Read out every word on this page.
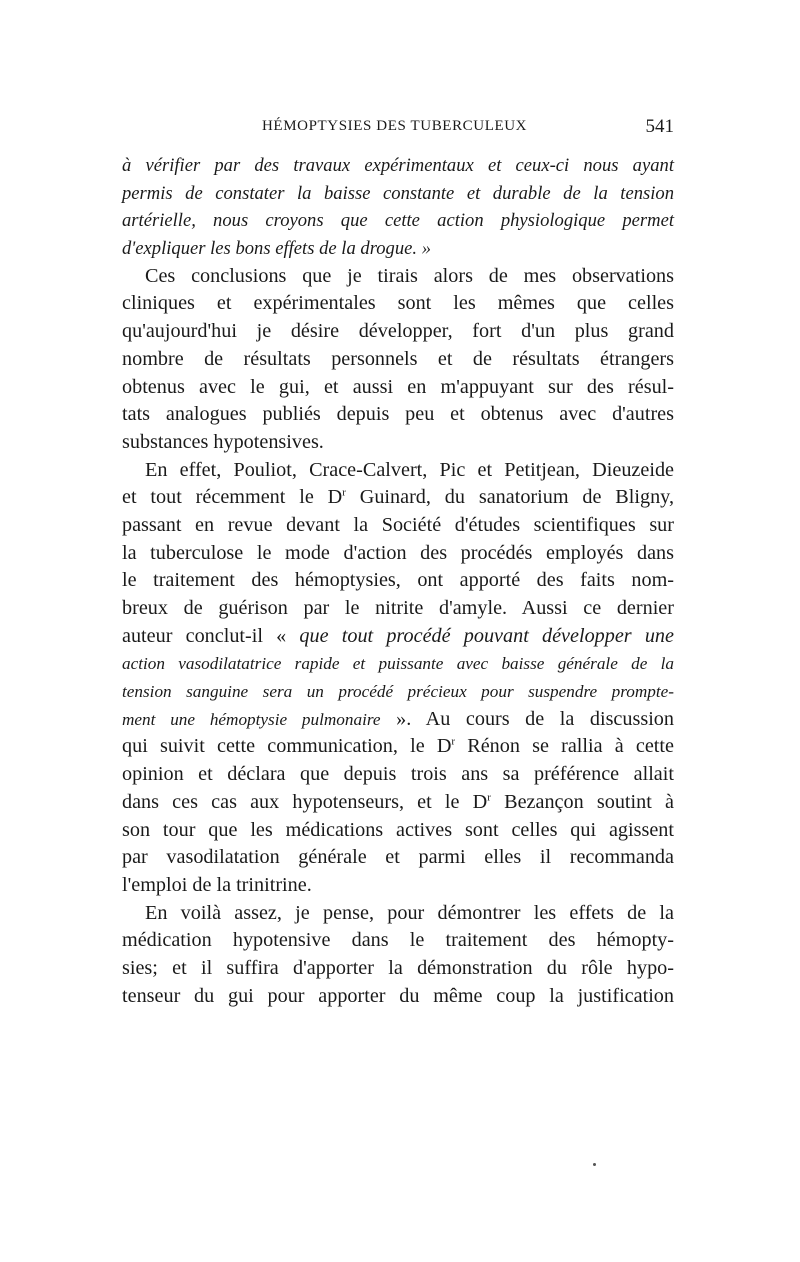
HÉMOPTYSIES DES TUBERCULEUX	541
à vérifier par des travaux expérimentaux et ceux-ci nous ayant
permis de constater la baisse constante et durable de la tension
artérielle, nous croyons que cette action physiologique permet
d'expliquer les bons effets de la drogue. »
Ces conclusions que je tirais alors de mes observations
cliniques et expérimentales sont les mêmes que celles
qu'aujourd'hui je désire développer, fort d'un plus grand
nombre de résultats personnels et de résultats étrangers
obtenus avec le gui, et aussi en m'appuyant sur des résul-
tats analogues publiés depuis peu et obtenus avec d'autres
substances hypotensives.
En effet, Pouliot, Crace-Calvert, Pic et Petitjean, Dieuzeide
et tout récemment le $D^r$ Guinard, du sanatorium de Bligny,
passant en revue devant la Société d'études scientifiques sur
la tuberculose le mode d'action des procédés employés dans
le traitement des hémoptysies, ont apporté des faits nom-
breux de guérison par le nitrite d'amyle. Aussi ce dernier
auteur conclut-il « que tout procédé pouvant développer une
action vasodilatatrice rapide et puissante avec baisse générale de la
tension sanguine sera un procédé précieux pour suspendre prompte-
ment une hémoptysie pulmonaire ». Au cours de la discussion
qui suivit cette communication, le $D^r$ Rénon se rallia à cette
opinion et déclara que depuis trois ans sa préférence allait
dans ces cas aux hypotenseurs, et le $D^r$ Bezançon soutint à
son tour que les médications actives sont celles qui agissent
par vasodilatation générale et parmi elles il recommanda
l'emploi de la trinitrine.
En voilà assez, je pense, pour démontrer les effets de la
médication hypotensive dans le traitement des hémopty-
sies; et il suffira d'apporter la démonstration du rôle hypo-
tenseur du gui pour apporter du même coup la justification
